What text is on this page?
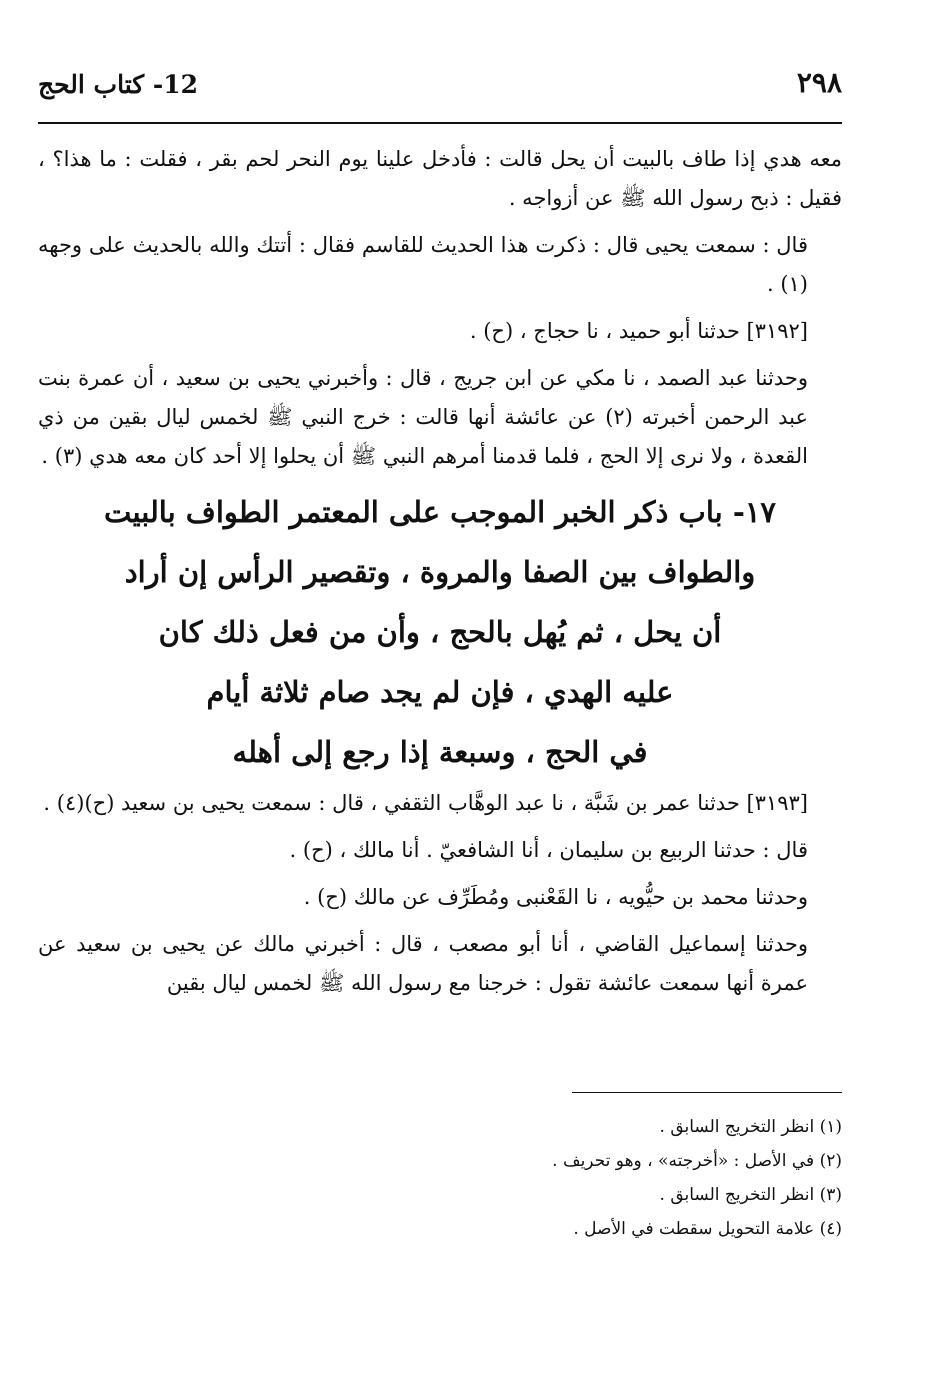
٢٩٨
12- كتاب الحج

معه هدي إذا طاف بالبيت أن يحل قالت : فأدخل علينا يوم النحر لحم بقر ، فقلت : ما هذا؟ ، فقيل : ذبح رسول الله ﷺ عن أزواجه .

قال : سمعت يحيى قال : ذكرت هذا الحديث للقاسم فقال : أتتك والله بالحديث على وجهه (١) .

[٣١٩٢] حدثنا أبو حميد ، نا حجاج ، (ح) .

وحدثنا عبد الصمد ، نا مكي عن ابن جريج ، قال : وأخبرني يحيى بن سعيد ، أن عمرة بنت عبد الرحمن أخبرته (٢) عن عائشة أنها قالت : خرج النبي ﷺ لخمس ليال بقين من ذي القعدة ، ولا نرى إلا الحج ، فلما قدمنا أمرهم النبي ﷺ أن يحلوا إلا أحد كان معه هدي (٣) .

١٧- باب ذكر الخبر الموجب على المعتمر الطواف بالبيت
والطواف بين الصفا والمروة ، وتقصير الرأس إن أراد
أن يحل ، ثم يُهل بالحج ، وأن من فعل ذلك كان
عليه الهدي ، فإن لم يجد صام ثلاثة أيام
في الحج ، وسبعة إذا رجع إلى أهله

[٣١٩٣] حدثنا عمر بن شَبَّة ، نا عبد الوهَّاب الثقفي ، قال : سمعت يحيى بن سعيد (ح)(٤) .

قال : حدثنا الربيع بن سليمان ، أنا الشافعيّ . أنا مالك ، (ح) .

وحدثنا محمد بن حيُّويه ، نا القَعْنبى ومُطَرِّف عن مالك (ح) .

وحدثنا إسماعيل القاضي ، أنا أبو مصعب ، قال : أخبرني مالك عن يحيى بن سعيد عن عمرة أنها سمعت عائشة تقول : خرجنا مع رسول الله ﷺ لخمس ليال بقين

(١) انظر التخريج السابق .

(٢) في الأصل : «أخرجته» ، وهو تحريف .

(٣) انظر التخريج السابق .

(٤) علامة التحويل سقطت في الأصل .
